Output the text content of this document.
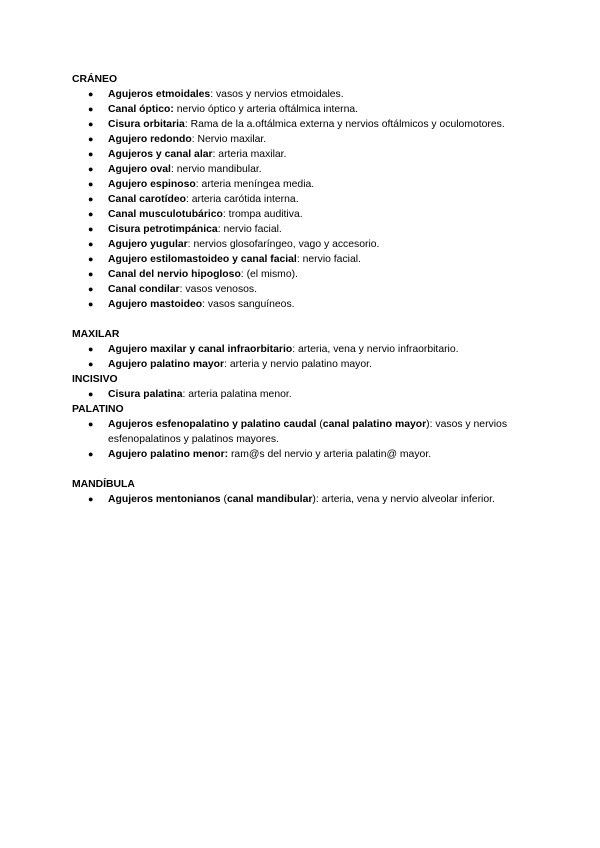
CRÁNEO
● Agujeros etmoidales: vasos y nervios etmoidales.
● Canal óptico: nervio óptico y arteria oftálmica interna.
● Cisura orbitaria: Rama de la a.oftálmica externa y nervios oftálmicos y oculomotores.
● Agujero redondo: Nervio maxilar.
● Agujeros y canal alar: arteria maxilar.
● Agujero oval: nervio mandibular.
● Agujero espinoso: arteria meníngea media.
● Canal carotídeo: arteria carótida interna.
● Canal musculotubárico: trompa auditiva.
● Cisura petrotimpánica: nervio facial.
● Agujero yugular: nervios glosofaríngeo, vago y accesorio.
● Agujero estilomastoideo y canal facial: nervio facial.
● Canal del nervio hipogloso: (el mismo).
● Canal condilar: vasos venosos.
● Agujero mastoideo: vasos sanguíneos.
MAXILAR
● Agujero maxilar y canal infraorbitario: arteria, vena y nervio infraorbitario.
● Agujero palatino mayor: arteria y nervio palatino mayor.
INCISIVO
● Cisura palatina: arteria palatina menor.
PALATINO
● Agujeros esfenopalatino y palatino caudal (canal palatino mayor): vasos y nervios esfenopalatinos y palatinos mayores.
● Agujero palatino menor: ram@s del nervio y arteria palatin@ mayor.
MANDÍBULA
● Agujeros mentonianos (canal mandibular): arteria, vena y nervio alveolar inferior.
